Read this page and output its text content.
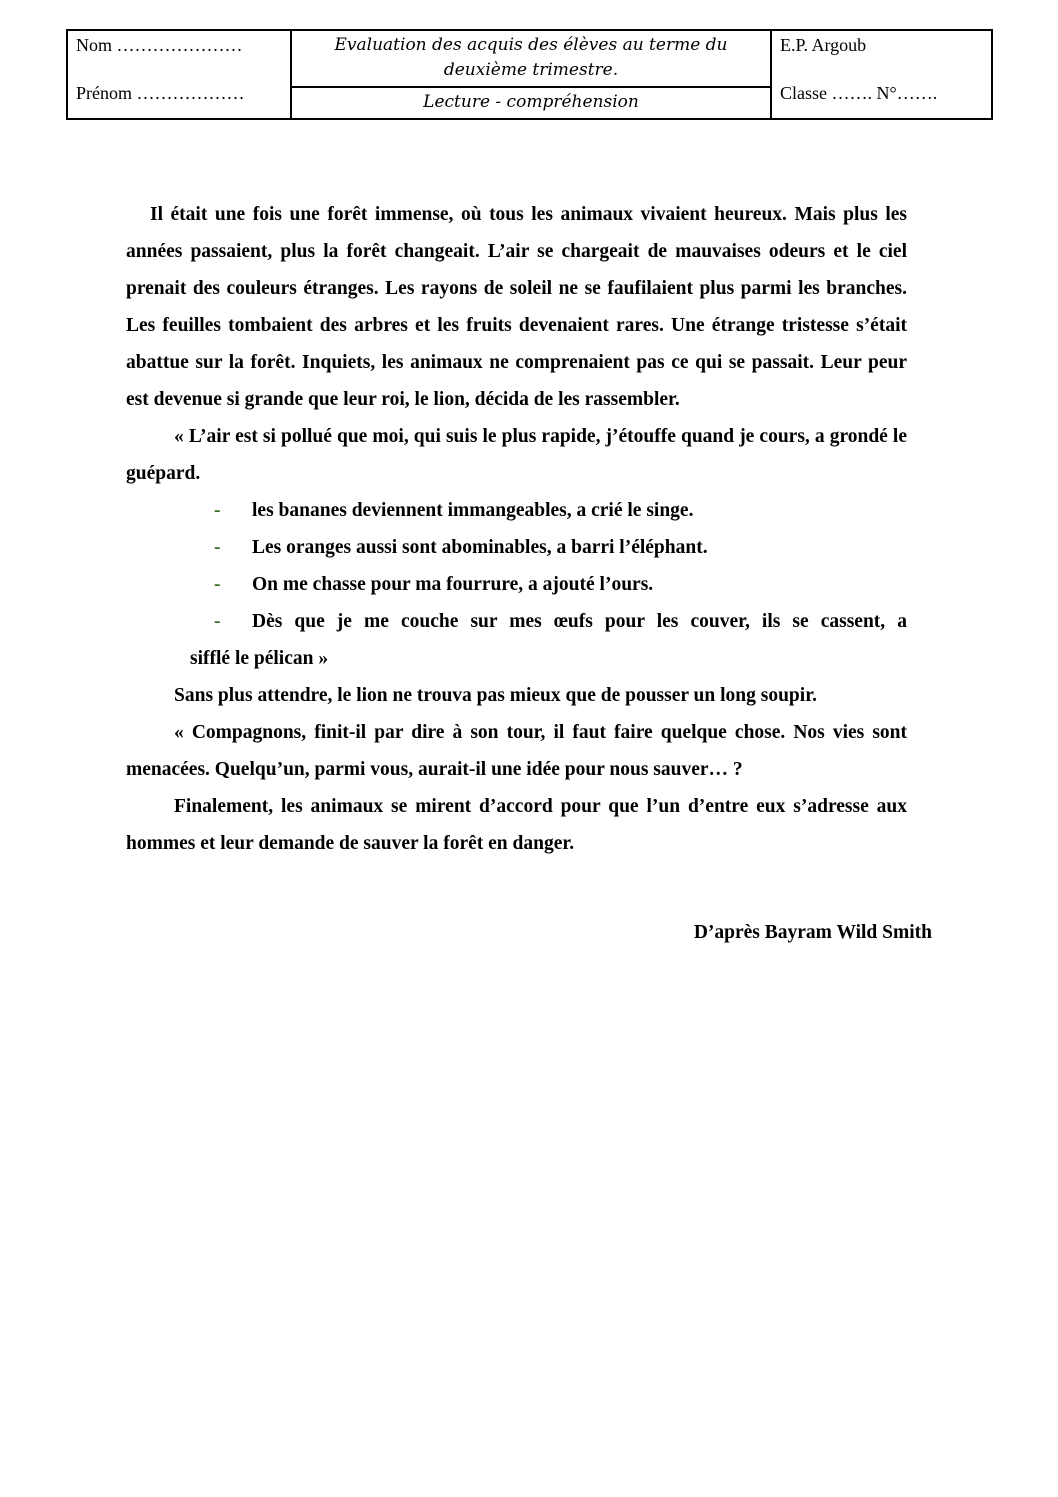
Nom …………………
Prénom ………………
Evaluation des acquis des élèves au terme du
deuxième trimestre.
Lecture - compréhension
E.P. Argoub
Classe ……. N°…….

Il était une fois une forêt immense, où tous les animaux vivaient heureux. Mais plus les années passaient, plus la forêt changeait. L’air se chargeait de mauvaises odeurs et le ciel prenait des couleurs étranges. Les rayons de soleil ne se faufilaient plus parmi les branches. Les feuilles tombaient des arbres et les fruits devenaient rares. Une étrange tristesse s’était abattue sur la forêt. Inquiets, les animaux ne comprenaient pas ce qui se passait. Leur peur est devenue si grande que leur roi, le lion, décida de les rassembler.

« L’air est si pollué que moi, qui suis le plus rapide, j’étouffe quand je cours, a grondé le guépard.

-	les bananes deviennent immangeables, a crié le singe.
-	Les oranges aussi sont abominables, a barri l’éléphant.
-	On me chasse pour ma fourrure, a ajouté l’ours.
-	Dès que je me couche sur mes œufs pour les couver, ils se cassent, a
sifflé le pélican »

Sans plus attendre, le lion ne trouva pas mieux que de pousser un long soupir.

« Compagnons, finit-il par dire à son tour, il faut faire quelque chose. Nos vies sont menacées. Quelqu’un, parmi vous, aurait-il une idée pour nous sauver… ?

Finalement, les animaux se mirent d’accord pour que l’un d’entre eux s’adresse aux hommes et leur demande de sauver la forêt en danger.

D’après Bayram Wild Smith
